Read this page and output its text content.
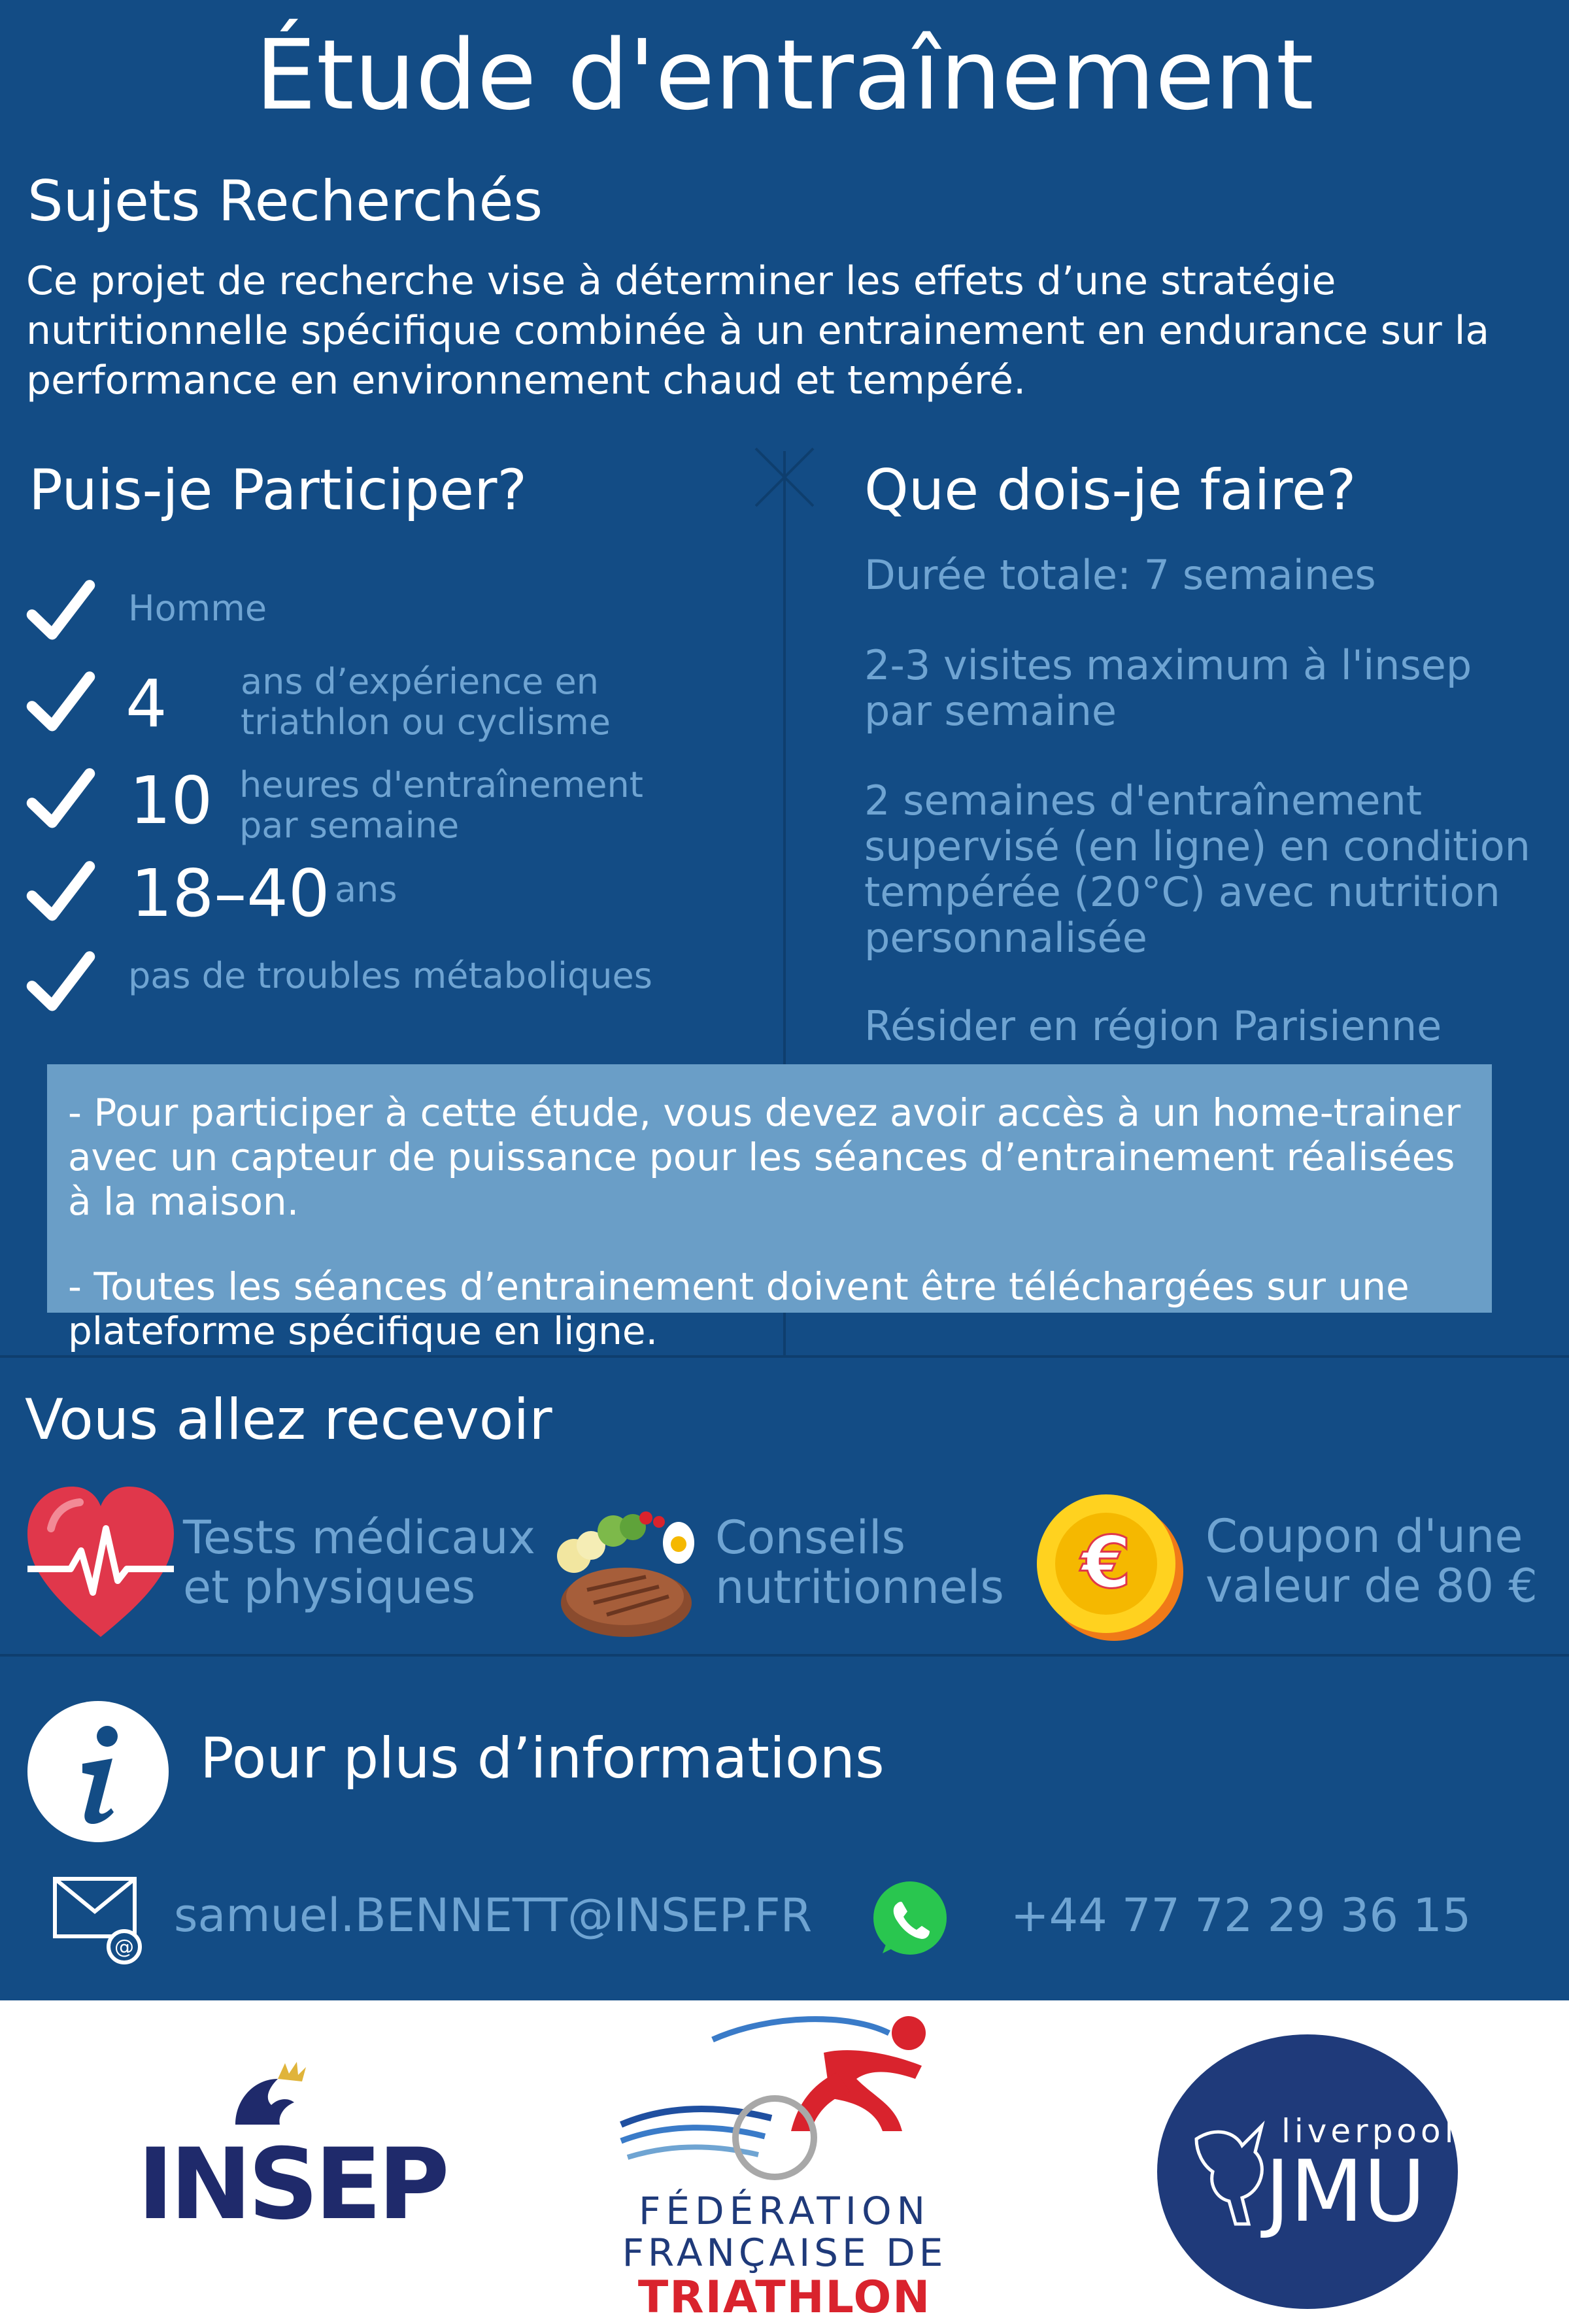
Étude d'entraînement
Sujets Recherchés
Ce projet de recherche vise à déterminer les effets d’une stratégie nutritionnelle spécifique combinée à un entrainement en endurance sur la performance en environnement chaud et tempéré.
Puis-je Participer?
Homme
4 ans d’expérience en triathlon ou cyclisme
10 heures d'entraînement par semaine
18–40 ans
pas de troubles métaboliques
Que dois-je faire?
Durée totale: 7 semaines
2-3 visites maximum à l'insep par semaine
2 semaines d'entraînement supervisé (en ligne) en condition tempérée (20°C) avec nutrition personnalisée
Résider en région Parisienne

- Pour participer à cette étude, vous devez avoir accès à un home-trainer avec un capteur de puissance pour les séances d’entrainement réalisées à la maison.

- Toutes les séances d’entrainement doivent être téléchargées sur une plateforme spécifique en ligne.

Vous allez recevoir
Tests médicaux et physiques
Conseils nutritionnels € Coupon d'une valeur de 80 €
Pour plus d’informations
@
samuel.BENNETT@INSEP.FR	+44 77 72 29 36 15
INSEP	FÉDÉRATION
FRANÇAISE DE
TRIATHLON
liverpool
JMU
